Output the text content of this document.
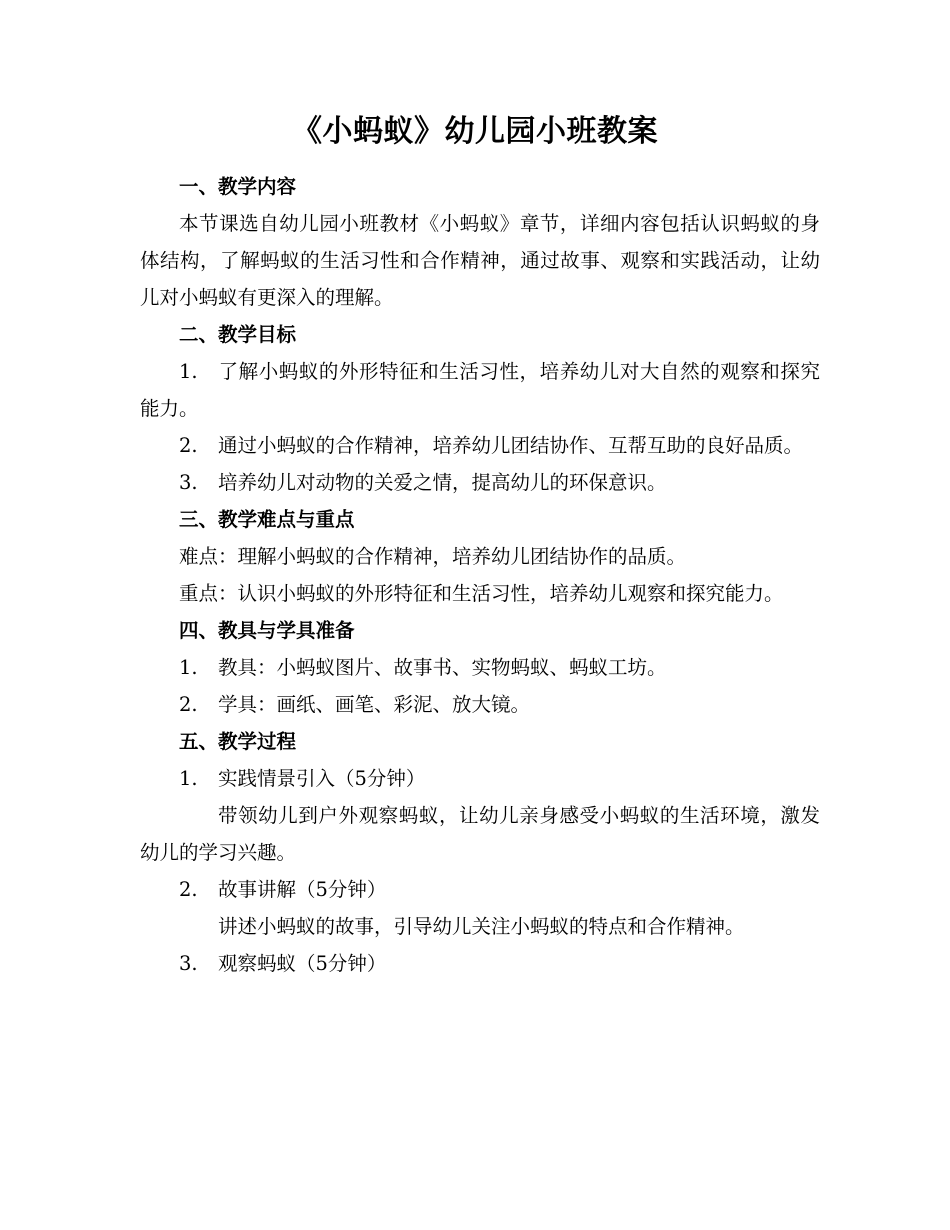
《小蚂蚁》幼儿园小班教案

一、教学内容

本节课选自幼儿园小班教材《小蚂蚁》章节，详细内容包括认识蚂蚁的身体结构，了解蚂蚁的生活习性和合作精神，通过故事、观察和实践活动，让幼儿对小蚂蚁有更深入的理解。

二、教学目标

1. 了解小蚂蚁的外形特征和生活习性，培养幼儿对大自然的观察和探究能力。

2. 通过小蚂蚁的合作精神，培养幼儿团结协作、互帮互助的良好品质。

3. 培养幼儿对动物的关爱之情，提高幼儿的环保意识。

三、教学难点与重点

难点：理解小蚂蚁的合作精神，培养幼儿团结协作的品质。

重点：认识小蚂蚁的外形特征和生活习性，培养幼儿观察和探究能力。

四、教具与学具准备

1. 教具：小蚂蚁图片、故事书、实物蚂蚁、蚂蚁工坊。

2. 学具：画纸、画笔、彩泥、放大镜。

五、教学过程

1. 实践情景引入（5分钟）

带领幼儿到户外观察蚂蚁，让幼儿亲身感受小蚂蚁的生活环境，激发幼儿的学习兴趣。

2. 故事讲解（5分钟）

讲述小蚂蚁的故事，引导幼儿关注小蚂蚁的特点和合作精神。

3. 观察蚂蚁（5分钟）
